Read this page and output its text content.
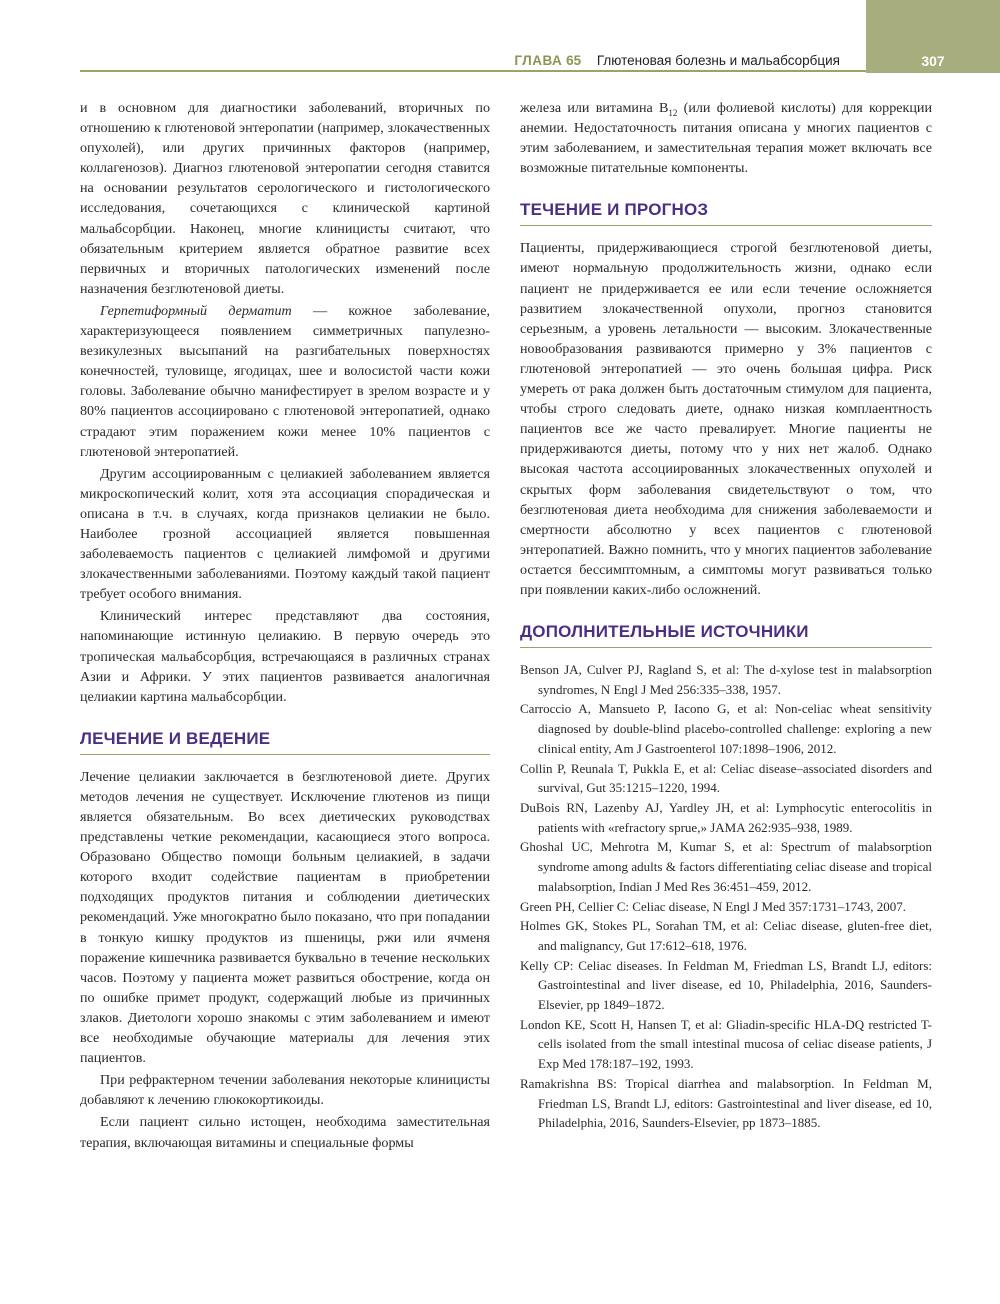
ГЛАВА 65 Глютеновая болезнь и мальабсорбция	307

и в основном для диагностики заболеваний, вторичных по отношению к глютеновой энтеропатии (например, злокачественных опухолей), или других причинных факторов (например, коллагенозов). Диагноз глютеновой энтеропатии сегодня ставится на основании результатов серологического и гистологического исследования, сочетающихся с клинической картиной мальабсорбции. Наконец, многие клиницисты считают, что обязательным критерием является обратное развитие всех первичных и вторичных патологических изменений после назначения безглютеновой диеты.

Герпетиформный дерматит — кожное заболевание, характеризующееся появлением симметричных папулезно-везикулезных высыпаний на разгибательных поверхностях конечностей, туловище, ягодицах, шее и волосистой части кожи головы. Заболевание обычно манифестирует в зрелом возрасте и у 80% пациентов ассоциировано с глютеновой энтеропатией, однако страдают этим поражением кожи менее 10% пациентов с глютеновой энтеропатией.

Другим ассоциированным с целиакией заболеванием является микроскопический колит, хотя эта ассоциация спорадическая и описана в т.ч. в случаях, когда признаков целиакии не было. Наиболее грозной ассоциацией является повышенная заболеваемость пациентов с целиакией лимфомой и другими злокачественными заболеваниями. Поэтому каждый такой пациент требует особого внимания.

Клинический интерес представляют два состояния, напоминающие истинную целиакию. В первую очередь это тропическая мальабсорбция, встречающаяся в различных странах Азии и Африки. У этих пациентов развивается аналогичная целиакии картина мальабсорбции.

ЛЕЧЕНИЕ И ВЕДЕНИЕ

Лечение целиакии заключается в безглютеновой диете. Других методов лечения не существует. Исключение глютенов из пищи является обязательным. Во всех диетических руководствах представлены четкие рекомендации, касающиеся этого вопроса. Образовано Общество помощи больным целиакией, в задачи которого входит содействие пациентам в приобретении подходящих продуктов питания и соблюдении диетических рекомендаций. Уже многократно было показано, что при попадании в тонкую кишку продуктов из пшеницы, ржи или ячменя поражение кишечника развивается буквально в течение нескольких часов. Поэтому у пациента может развиться обострение, когда он по ошибке примет продукт, содержащий любые из причинных злаков. Диетологи хорошо знакомы с этим заболеванием и имеют все необходимые обучающие материалы для лечения этих пациентов.

При рефрактерном течении заболевания некоторые клиницисты добавляют к лечению глюкокортикоиды.

Если пациент сильно истощен, необходима заместительная терапия, включающая витамины и специальные формы

железа или витамина $B_{12}$ (или фолиевой кислоты) для коррекции анемии. Недостаточность питания описана у многих пациентов с этим заболеванием, и заместительная терапия может включать все возможные питательные компоненты.

ТЕЧЕНИЕ И ПРОГНОЗ

Пациенты, придерживающиеся строгой безглютеновой диеты, имеют нормальную продолжительность жизни, однако если пациент не придерживается ее или если течение осложняется развитием злокачественной опухоли, прогноз становится серьезным, а уровень летальности — высоким. Злокачественные новообразования развиваются примерно у 3% пациентов с глютеновой энтеропатией — это очень большая цифра. Риск умереть от рака должен быть достаточным стимулом для пациента, чтобы строго следовать диете, однако низкая комплаентность пациентов все же часто превалирует. Многие пациенты не придерживаются диеты, потому что у них нет жалоб. Однако высокая частота ассоциированных злокачественных опухолей и скрытых форм заболевания свидетельствуют о том, что безглютеновая диета необходима для снижения заболеваемости и смертности абсолютно у всех пациентов с глютеновой энтеропатией. Важно помнить, что у многих пациентов заболевание остается бессимптомным, а симптомы могут развиваться только при появлении каких-либо осложнений.

ДОПОЛНИТЕЛЬНЫЕ ИСТОЧНИКИ

Benson JA, Culver PJ, Ragland S, et al: The d-xylose test in malabsorption syndromes, N Engl J Med 256:335–338, 1957.

Carroccio A, Mansueto P, Iacono G, et al: Non-celiac wheat sensitivity diagnosed by double-blind placebo-controlled challenge: exploring a new clinical entity, Am J Gastroenterol 107:1898–1906, 2012.

Collin P, Reunala T, Pukkla E, et al: Celiac disease–associated disorders and survival, Gut 35:1215–1220, 1994.

DuBois RN, Lazenby AJ, Yardley JH, et al: Lymphocytic enterocolitis in patients with «refractory sprue,» JAMA 262:935–938, 1989.

Ghoshal UC, Mehrotra M, Kumar S, et al: Spectrum of malabsorption syndrome among adults & factors differentiating celiac disease and tropical malabsorption, Indian J Med Res 36:451–459, 2012.

Green PH, Cellier C: Celiac disease, N Engl J Med 357:1731–1743, 2007.

Holmes GK, Stokes PL, Sorahan TM, et al: Celiac disease, gluten-free diet, and malignancy, Gut 17:612–618, 1976.

Kelly CP: Celiac diseases. In Feldman M, Friedman LS, Brandt LJ, editors: Gastrointestinal and liver disease, ed 10, Philadelphia, 2016, Saunders-Elsevier, pp 1849–1872.

London KE, Scott H, Hansen T, et al: Gliadin-specific HLA-DQ restricted T-cells isolated from the small intestinal mucosa of celiac disease patients, J Exp Med 178:187–192, 1993.

Ramakrishna BS: Tropical diarrhea and malabsorption. In Feldman M, Friedman LS, Brandt LJ, editors: Gastrointestinal and liver disease, ed 10, Philadelphia, 2016, Saunders-Elsevier, pp 1873–1885.
